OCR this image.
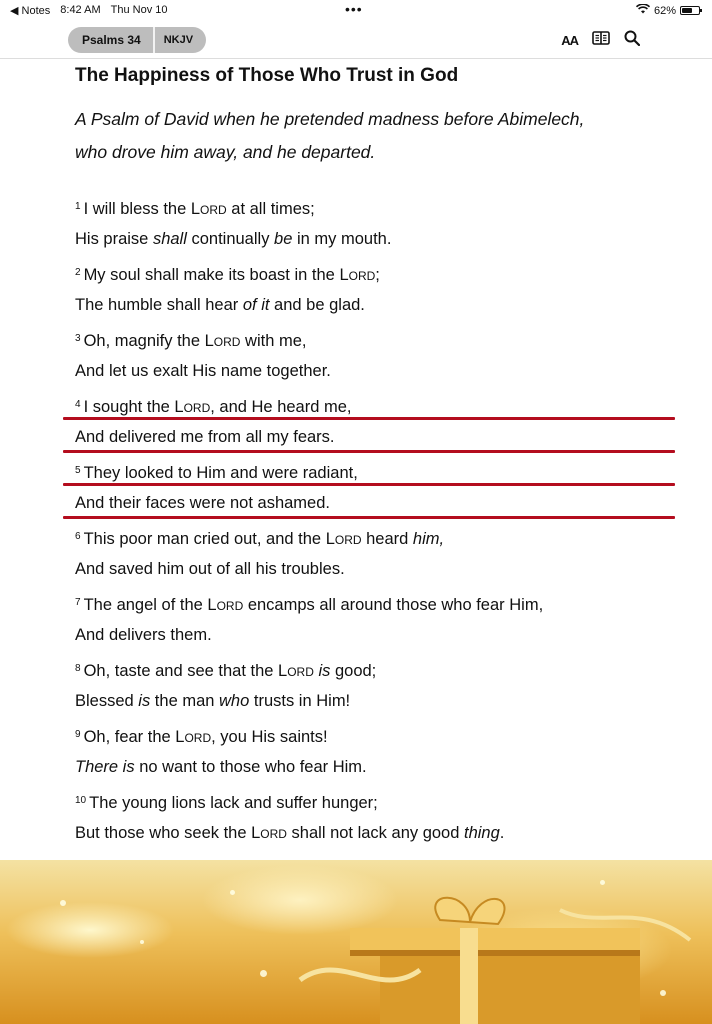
◀ Notes 8:42 AM Thu Nov 10	•••	62%
Psalms 34	NKJV	AA
The Happiness of Those Who Trust in God
A Psalm of David when he pretended madness before Abimelech,
who drove him away, and he departed.
$^1$ I will bless the Lord at all times;
His praise shall continually be in my mouth.
$^2$ My soul shall make its boast in the Lord;
The humble shall hear of it and be glad.
$^3$ Oh, magnify the Lord with me,
And let us exalt His name together.
$^4$ I sought the Lord, and He heard me,
And delivered me from all my fears.
$^5$ They looked to Him and were radiant,
And their faces were not ashamed.
$^6$ This poor man cried out, and the Lord heard him,
And saved him out of all his troubles.
$^7$ The angel of the Lord encamps all around those who fear Him,
And delivers them.
$^8$ Oh, taste and see that the Lord is good;
Blessed is the man who trusts in Him!
$^9$ Oh, fear the Lord, you His saints!
There is no want to those who fear Him.
$^{10}$ The young lions lack and suffer hunger;
But those who seek the Lord shall not lack any good thing.
